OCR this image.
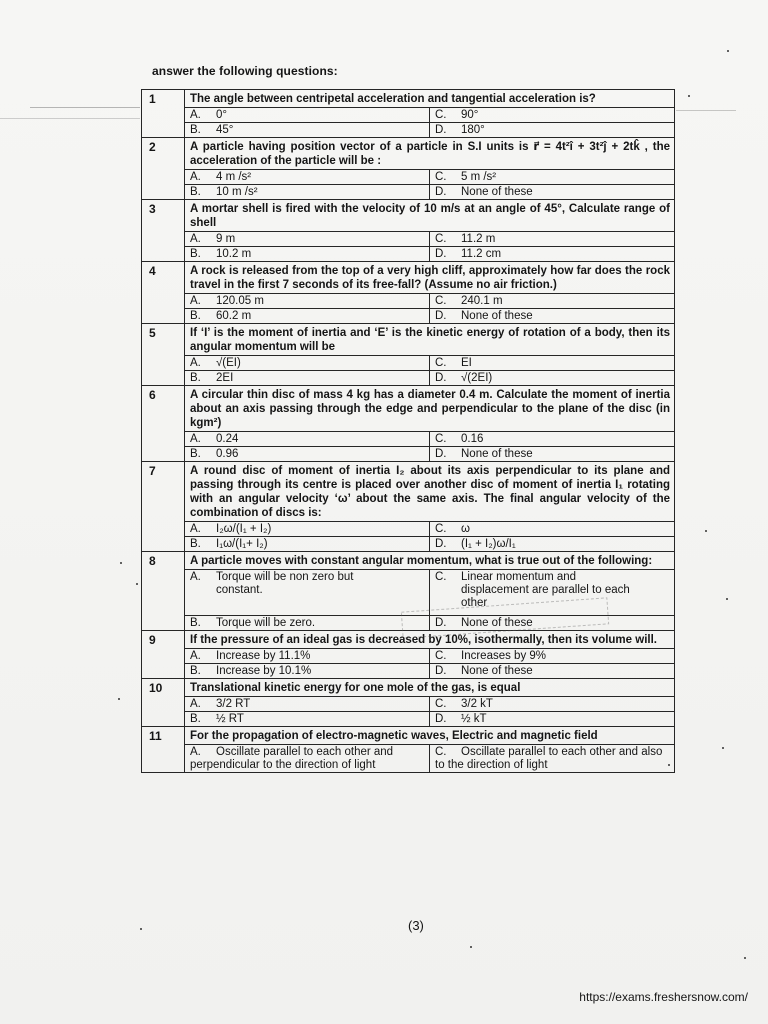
answer the following questions:
1	The angle between centripetal acceleration and tangential acceleration is?
A. 0°	C. 90°
B. 45°	D. 180°

2	A particle having position vector of a particle in S.I units is r⃗ = 4t²î + 3t²ĵ + 2tk̂ , the acceleration of the particle will be :
A. 4 m /s²	C. 5 m /s²
B. 10 m /s²	D. None of these

3	A mortar shell is fired with the velocity of 10 m/s at an angle of 45°, Calculate range of shell
A. 9 m	C. 11.2 m
B. 10.2 m	D. 11.2 cm

4	A rock is released from the top of a very high cliff, approximately how far does the rock travel in the first 7 seconds of its free-fall? (Assume no air friction.)
A. 120.05 m	C. 240.1 m
B. 60.2 m	D. None of these

5	If ‘I’ is the moment of inertia and ‘E’ is the kinetic energy of rotation of a body, then its angular momentum will be
A. √(EI)	C. EI
B. 2EI	D. √(2EI)

6	A circular thin disc of mass 4 kg has a diameter 0.4 m. Calculate the moment of inertia about an axis passing through the edge and perpendicular to the plane of the disc (in kgm²)
A. 0.24	C. 0.16
B. 0.96	D. None of these

7	A round disc of moment of inertia I₂ about its axis perpendicular to its plane and passing through its centre is placed over another disc of moment of inertia I₁ rotating with an angular velocity ‘ω’ about the same axis. The final angular velocity of the combination of discs is:
A. I₂ω/(I₁ + I₂)	C. ω
B. I₁ω/(I₁+ I₂)	D. (I₁ + I₂)ω/I₁

8	A particle moves with constant angular momentum, what is true out of the following:
A. Torque will be non zero but constant.	C. Linear momentum and displacement are parallel to each other
B. Torque will be zero.	D. None of these

9	If the pressure of an ideal gas is decreased by 10%, isothermally, then its volume will.
A. Increase by 11.1%	C. Increases by 9%
B. Increase by 10.1%	D. None of these

10	Translational kinetic energy for one mole of the gas, is equal
A. 3/2 RT	C. 3/2 kT
B. ½ RT	D. ½ kT

11	For the propagation of electro-magnetic waves, Electric and magnetic field
A. Oscillate parallel to each other and perpendicular to the direction of light	C. Oscillate parallel to each other and also to the direction of light
(3)
https://exams.freshersnow.com/
